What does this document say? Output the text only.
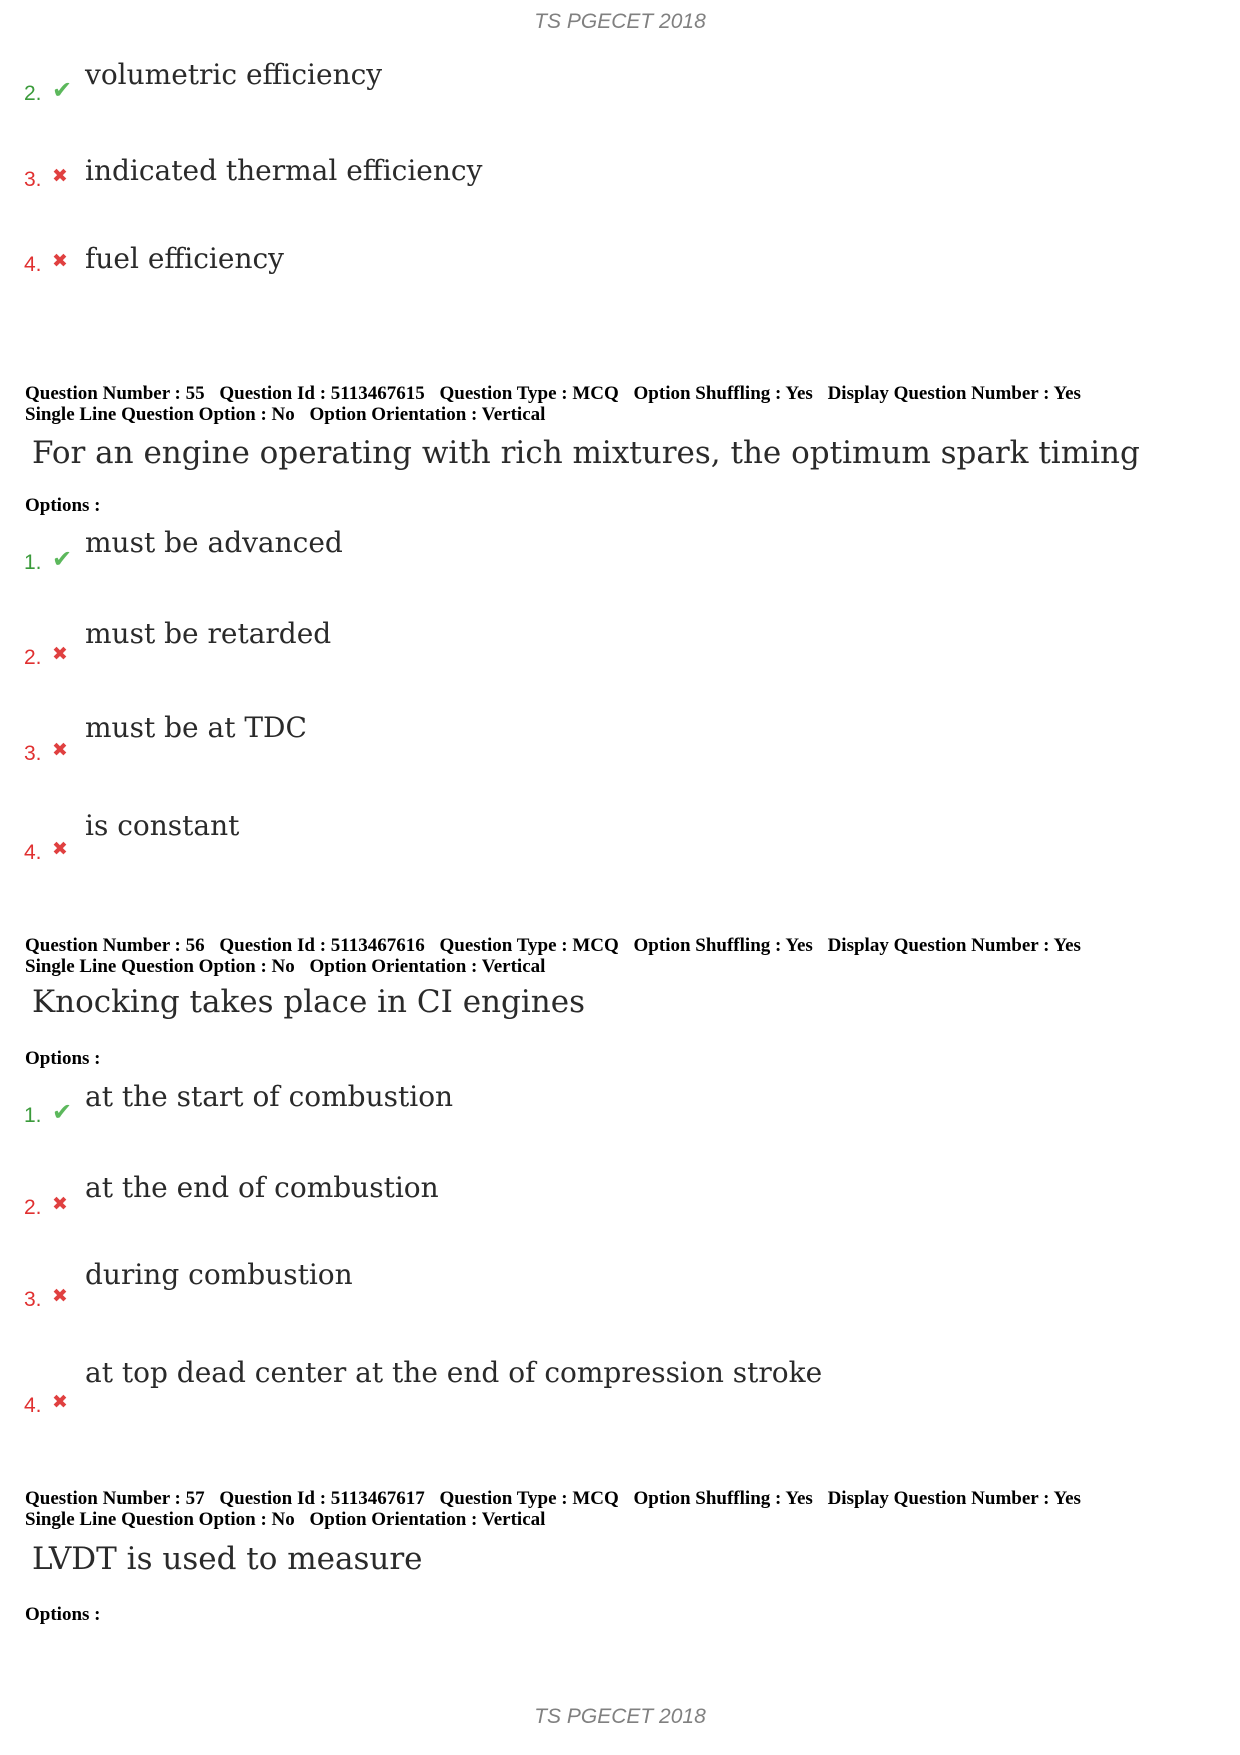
TS PGECET 2018
2. ✔ volumetric efficiency
3. ✖ indicated thermal efficiency
4. ✖ fuel efficiency
Question Number : 55 Question Id : 5113467615 Question Type : MCQ Option Shuffling : Yes Display Question Number : Yes
Single Line Question Option : No Option Orientation : Vertical
For an engine operating with rich mixtures, the optimum spark timing
Options :
1. ✔ must be advanced
2. ✖
must be retarded
3. ✖
must be at TDC
4. ✖
is constant
Question Number : 56 Question Id : 5113467616 Question Type : MCQ Option Shuffling : Yes Display Question Number : Yes
Single Line Question Option : No Option Orientation : Vertical
Knocking takes place in CI engines
Options :
1. ✔ at the start of combustion
2. ✖ at the end of combustion
3. ✖
during combustion
4. ✖
at top dead center at the end of compression stroke
Question Number : 57 Question Id : 5113467617 Question Type : MCQ Option Shuffling : Yes Display Question Number : Yes
Single Line Question Option : No Option Orientation : Vertical
LVDT is used to measure
Options :
TS PGECET 2018
